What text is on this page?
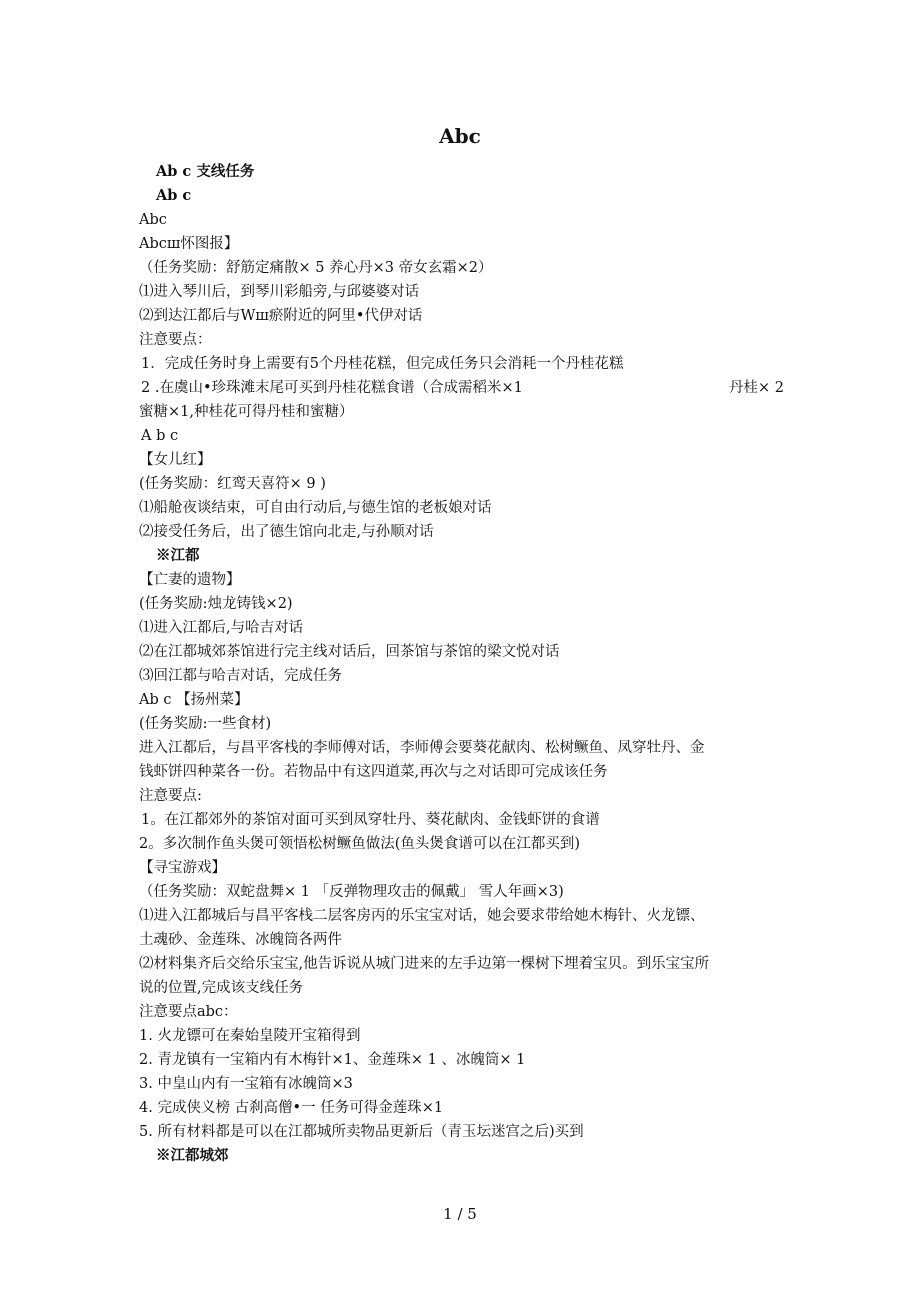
Abc
Ab c 支线任务
Ab c
Abc
Abcш怀图报】
（任务奖励：舒筋定痛散× 5 养心丹×3 帝女玄霜×2）
⑴进入琴川后，到琴川彩船旁,与邱婆婆对话
⑵到达江都后与Wш瘀附近的阿里•代伊对话
注意要点：
1．完成任务时身上需要有5个丹桂花糕，但完成任务只会消耗一个丹桂花糕
2 .在虞山•珍珠滩末尾可买到丹桂花糕食谱（合成需稻米×1	丹桂× 2
蜜糖×1,种桂花可得丹桂和蜜糖）
A b c
【女儿红】
(任务奖励：红鸾天喜符× 9 )
⑴船舱夜谈结束，可自由行动后,与德生馆的老板娘对话
⑵接受任务后，出了德生馆向北走,与孙顺对话
※江都
【亡妻的遗物】
(任务奖励:烛龙铸钱×2)
⑴进入江都后,与哈吉对话
⑵在江都城郊茶馆进行完主线对话后，回茶馆与茶馆的梁文悦对话
⑶回江都与哈吉对话，完成任务
Ab c 【扬州菜】
(任务奖励:一些食材)
进入江都后，与昌平客栈的李师傅对话，李师傅会要葵花献肉、松树鳜鱼、凤穿牡丹、金
钱虾饼四种菜各一份。若物品中有这四道菜,再次与之对话即可完成该任务
注意要点:
1。在江都郊外的茶馆对面可买到凤穿牡丹、葵花献肉、金钱虾饼的食谱
2。多次制作鱼头煲可领悟松树鳜鱼做法(鱼头煲食谱可以在江都买到)
【寻宝游戏】
（任务奖励：双蛇盘舞× 1 「反弹物理攻击的佩戴」 雪人年画×3)
⑴进入江都城后与昌平客栈二层客房丙的乐宝宝对话，她会要求带给她木梅针、火龙镖、
土魂砂、金莲珠、冰魄筒各两件
⑵材料集齐后交给乐宝宝,他告诉说从城门进来的左手边第一棵树下埋着宝贝。到乐宝宝所
说的位置,完成该支线任务
注意要点abc：
1. 火龙镖可在秦始皇陵开宝箱得到
2. 青龙镇有一宝箱内有木梅针×1、金莲珠× 1 、冰魄筒× 1
3. 中皇山内有一宝箱有冰魄筒×3
4. 完成侠义榜 古刹高僧•一 任务可得金莲珠×1
5. 所有材料都是可以在江都城所卖物品更新后（青玉坛迷宫之后)买到
※江都城郊
1 / 5
